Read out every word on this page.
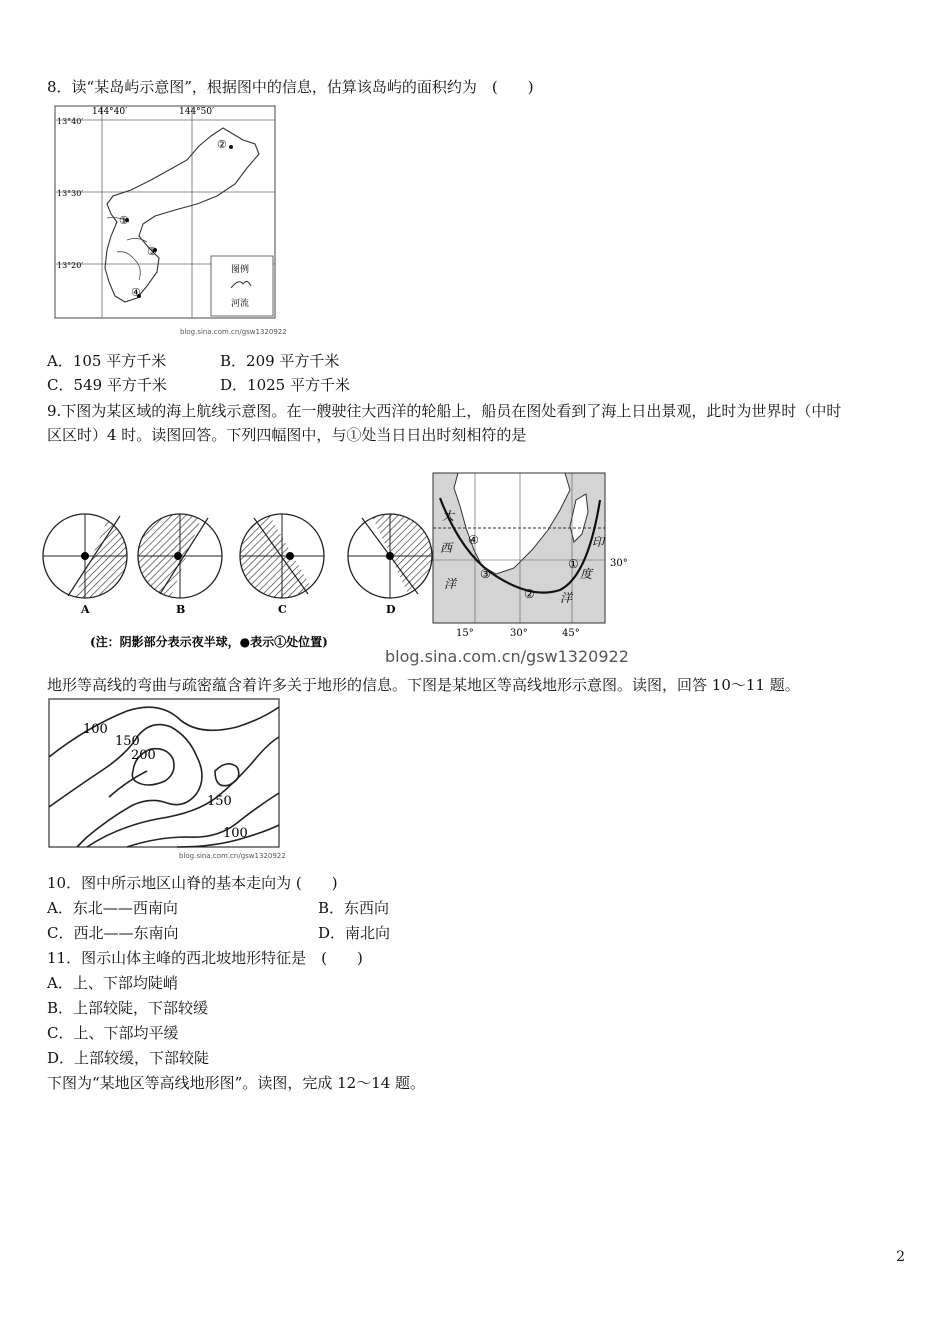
8．读“某岛屿示意图”，根据图中的信息，估算该岛屿的面积约为　(　　)
144°40′	144°50′
13°40′
13°30′
13°20′
①
②
③
④
图例
河流
blog.sina.com.cn/gsw1320922
A．105 平方千米	B．209 平方千米
C．549 平方千米	D．1025 平方千米
9.下图为某区域的海上航线示意图。在一艘驶往大西洋的轮船上，船员在图处看到了海上日出景观，此时为世界时（中时
区区时）4 时。读图回答。下列四幅图中，与①处当日日出时刻相符的是
A	B	C	D
(注：阴影部分表示夜半球，●表示①处位置)
大
西
洋
印
度
洋
①
②
③
④
30°
15°	30°	45°
blog.sina.com.cn/gsw1320922
地形等高线的弯曲与疏密蕴含着许多关于地形的信息。下图是某地区等高线地形示意图。读图，回答 10～11 题。
100
150
200
150
100
blog.sina.com.cn/gsw1320922
10．图中所示地区山脊的基本走向为 (　　)
A．东北——西南向	B．东西向
C．西北——东南向	D．南北向
11．图示山体主峰的西北坡地形特征是　(　　)
A．上、下部均陡峭
B．上部较陡，下部较缓
C．上、下部均平缓
D．上部较缓，下部较陡
下图为“某地区等高线地形图”。读图，完成 12～14 题。
2
